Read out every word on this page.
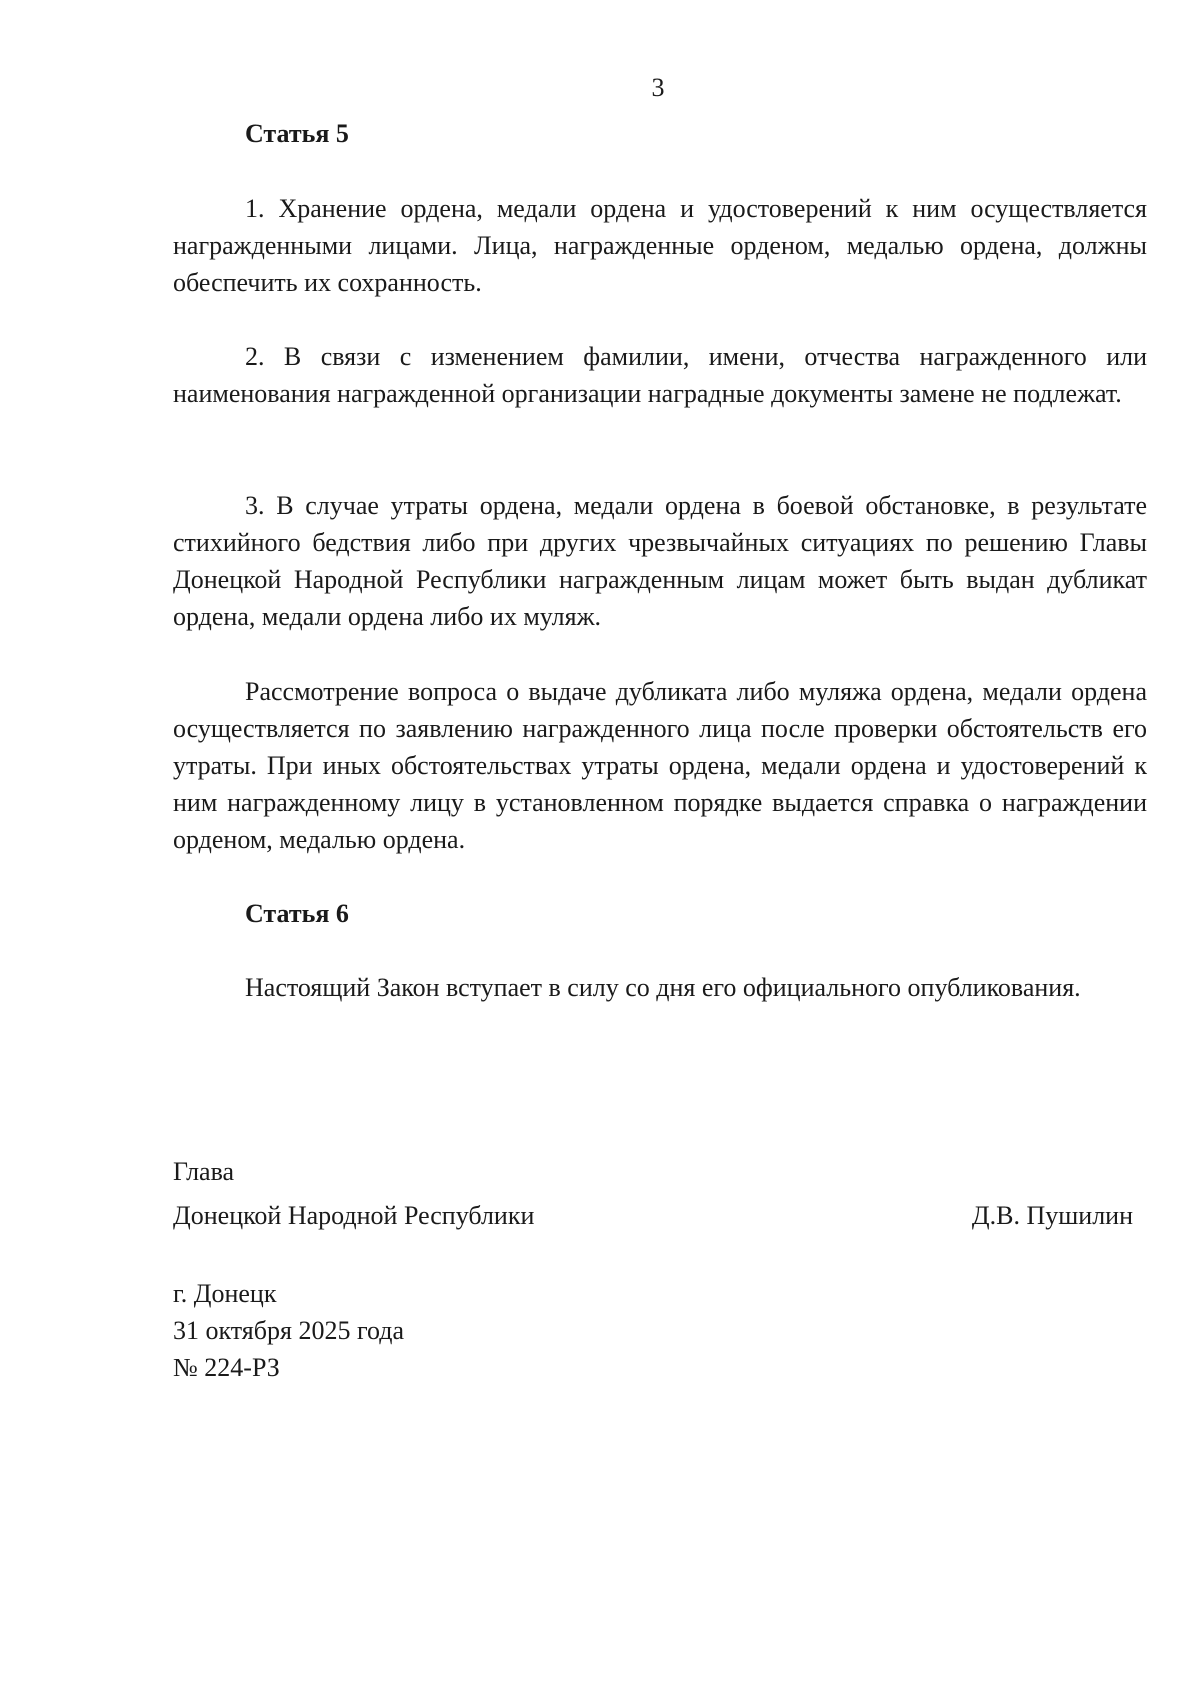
3

Статья 5

1. Хранение ордена, медали ордена и удостоверений к ним осуществляется награжденными лицами. Лица, награжденные орденом, медалью ордена, должны обеспечить их сохранность.

2. В связи с изменением фамилии, имени, отчества награжденного или наименования награжденной организации наградные документы замене не подлежат.

3. В случае утраты ордена, медали ордена в боевой обстановке, в результате стихийного бедствия либо при других чрезвычайных ситуациях по решению Главы Донецкой Народной Республики награжденным лицам может быть выдан дубликат ордена, медали ордена либо их муляж.

Рассмотрение вопроса о выдаче дубликата либо муляжа ордена, медали ордена осуществляется по заявлению награжденного лица после проверки обстоятельств его утраты. При иных обстоятельствах утраты ордена, медали ордена и удостоверений к ним награжденному лицу в установленном порядке выдается справка о награждении орденом, медалью ордена.

Статья 6

Настоящий Закон вступает в силу со дня его официального опубликования.

Глава

Донецкой Народной Республики	Д.В. Пушилин

г. Донецк

31 октября 2025 года

№ 224-РЗ
